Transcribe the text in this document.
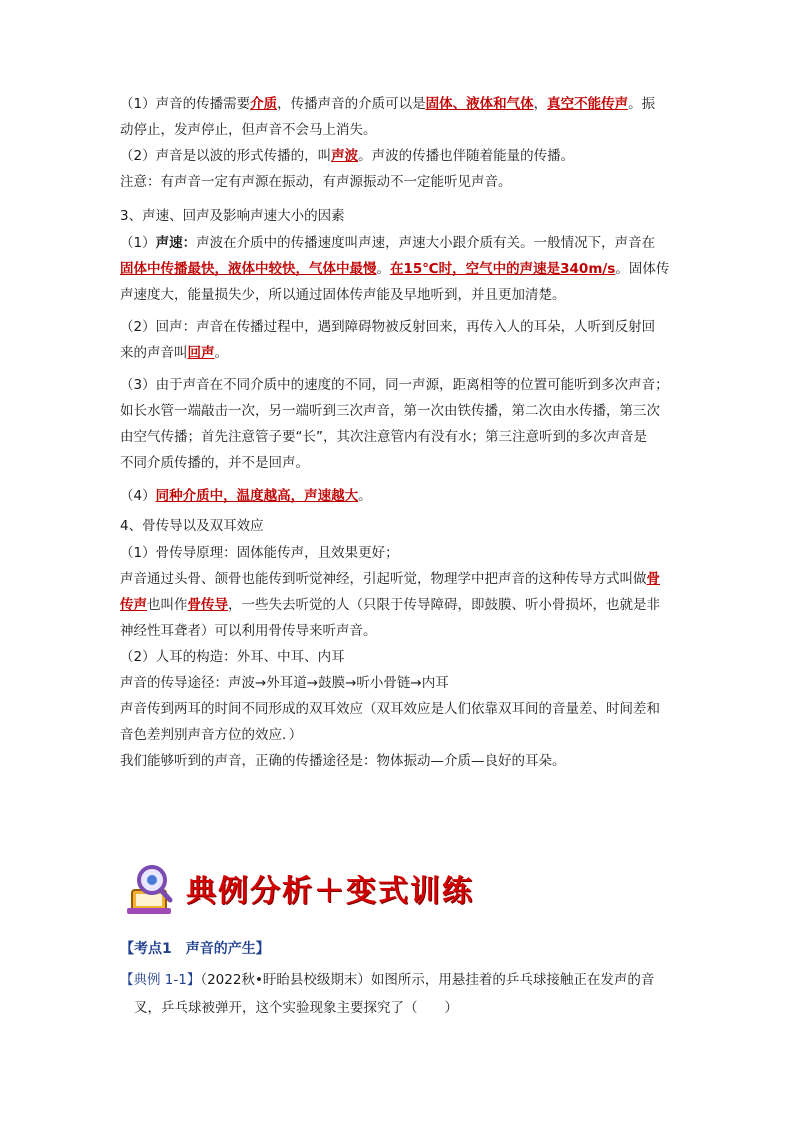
（1）声音的传播需要介质，传播声音的介质可以是固体、液体和气体，真空不能传声。振

动停止，发声停止，但声音不会马上消失。

（2）声音是以波的形式传播的，叫声波。声波的传播也伴随着能量的传播。

注意：有声音一定有声源在振动，有声源振动不一定能听见声音。

3、声速、回声及影响声速大小的因素

（1）声速：声波在介质中的传播速度叫声速，声速大小跟介质有关。一般情况下，声音在

固体中传播最快，液体中较快，气体中最慢。在15℃时，空气中的声速是340m/s。固体传

声速度大，能量损失少，所以通过固体传声能及早地听到，并且更加清楚。

（2）回声：声音在传播过程中，遇到障碍物被反射回来，再传入人的耳朵，人听到反射回

来的声音叫回声。

（3）由于声音在不同介质中的速度的不同，同一声源，距离相等的位置可能听到多次声音；

如长水管一端敲击一次，另一端听到三次声音，第一次由铁传播，第二次由水传播，第三次

由空气传播；首先注意管子要“长”，其次注意管内有没有水；第三注意听到的多次声音是

不同介质传播的，并不是回声。

（4）同种介质中，温度越高，声速越大。

4、骨传导以及双耳效应

（1）骨传导原理：固体能传声，且效果更好；

声音通过头骨、颌骨也能传到听觉神经，引起听觉，物理学中把声音的这种传导方式叫做骨

传声也叫作骨传导，一些失去听觉的人（只限于传导障碍，即鼓膜、听小骨损坏，也就是非

神经性耳聋者）可以利用骨传导来听声音。

（2）人耳的构造：外耳、中耳、内耳

声音的传导途径：声波→外耳道→鼓膜→听小骨链→内耳

声音传到两耳的时间不同形成的双耳效应（双耳效应是人们依靠双耳间的音量差、时间差和

音色差判别声音方位的效应．）

我们能够听到的声音，正确的传播途径是：物体振动—介质—良好的耳朵。

典例分析＋变式训练
【考点1　声音的产生】

【典例 1-1】（2022秋•盱眙县校级期末）如图所示，用悬挂着的乒乓球接触正在发声的音

叉，乒乓球被弹开，这个实验现象主要探究了（　　）
